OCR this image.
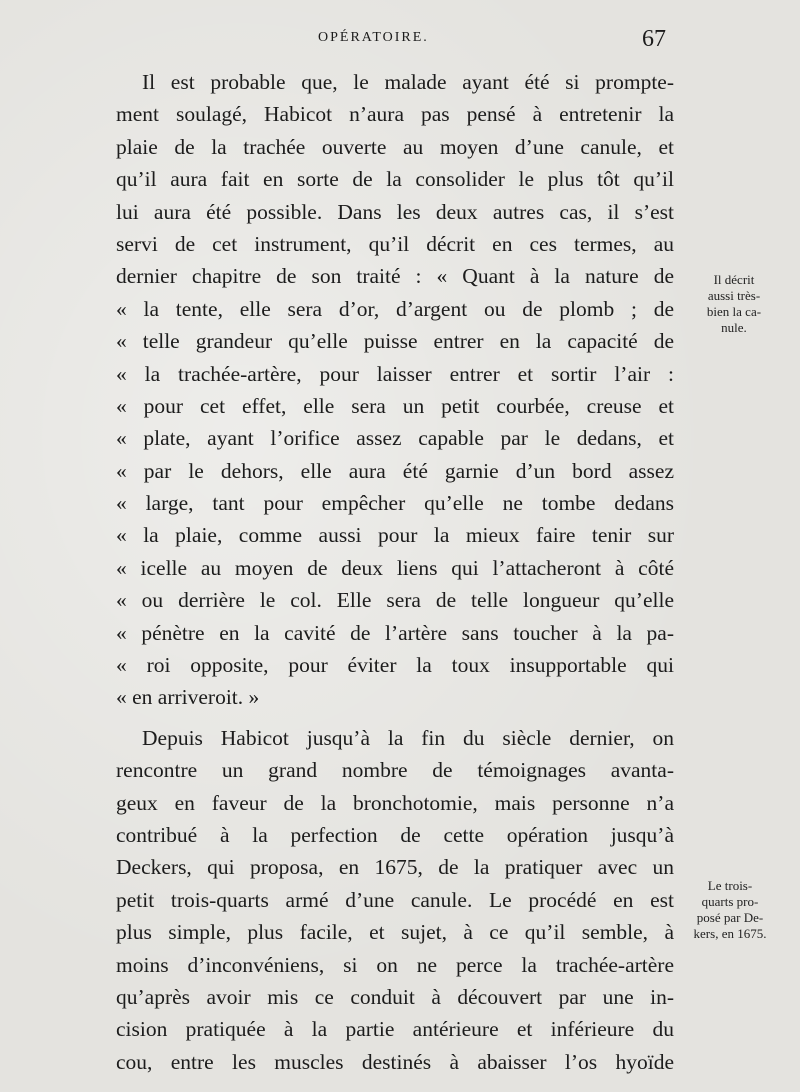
OPÉRATOIRE.	67
Il est probable que, le malade ayant été si prompte-
ment soulagé, Habicot n’aura pas pensé à entretenir la
plaie de la trachée ouverte au moyen d’une canule, et
qu’il aura fait en sorte de la consolider le plus tôt qu’il
lui aura été possible. Dans les deux autres cas, il s’est
servi de cet instrument, qu’il décrit en ces termes, au
dernier chapitre de son traité : « Quant à la nature de
« la tente, elle sera d’or, d’argent ou de plomb ; de
« telle grandeur qu’elle puisse entrer en la capacité de
« la trachée-artère, pour laisser entrer et sortir l’air :
« pour cet effet, elle sera un petit courbée, creuse et
« plate, ayant l’orifice assez capable par le dedans, et
« par le dehors, elle aura été garnie d’un bord assez
« large, tant pour empêcher qu’elle ne tombe dedans
« la plaie, comme aussi pour la mieux faire tenir sur
« icelle au moyen de deux liens qui l’attacheront à côté
« ou derrière le col. Elle sera de telle longueur qu’elle
« pénètre en la cavité de l’artère sans toucher à la pa-
« roi opposite, pour éviter la toux insupportable qui
« en arriveroit. »
Depuis Habicot jusqu’à la fin du siècle dernier, on
rencontre un grand nombre de témoignages avanta-
geux en faveur de la bronchotomie, mais personne n’a
contribué à la perfection de cette opération jusqu’à
Deckers, qui proposa, en 1675, de la pratiquer avec un
petit trois-quarts armé d’une canule. Le procédé en est
plus simple, plus facile, et sujet, à ce qu’il semble, à
moins d’inconvéniens, si on ne perce la trachée-artère
qu’après avoir mis ce conduit à découvert par une in-
cision pratiquée à la partie antérieure et inférieure du
cou, entre les muscles destinés à abaisser l’os hyoïde
Il décrit
aussi très-
bien la ca-
nule.
Le trois-
quarts pro-
posé par De-
kers, en 1675.
